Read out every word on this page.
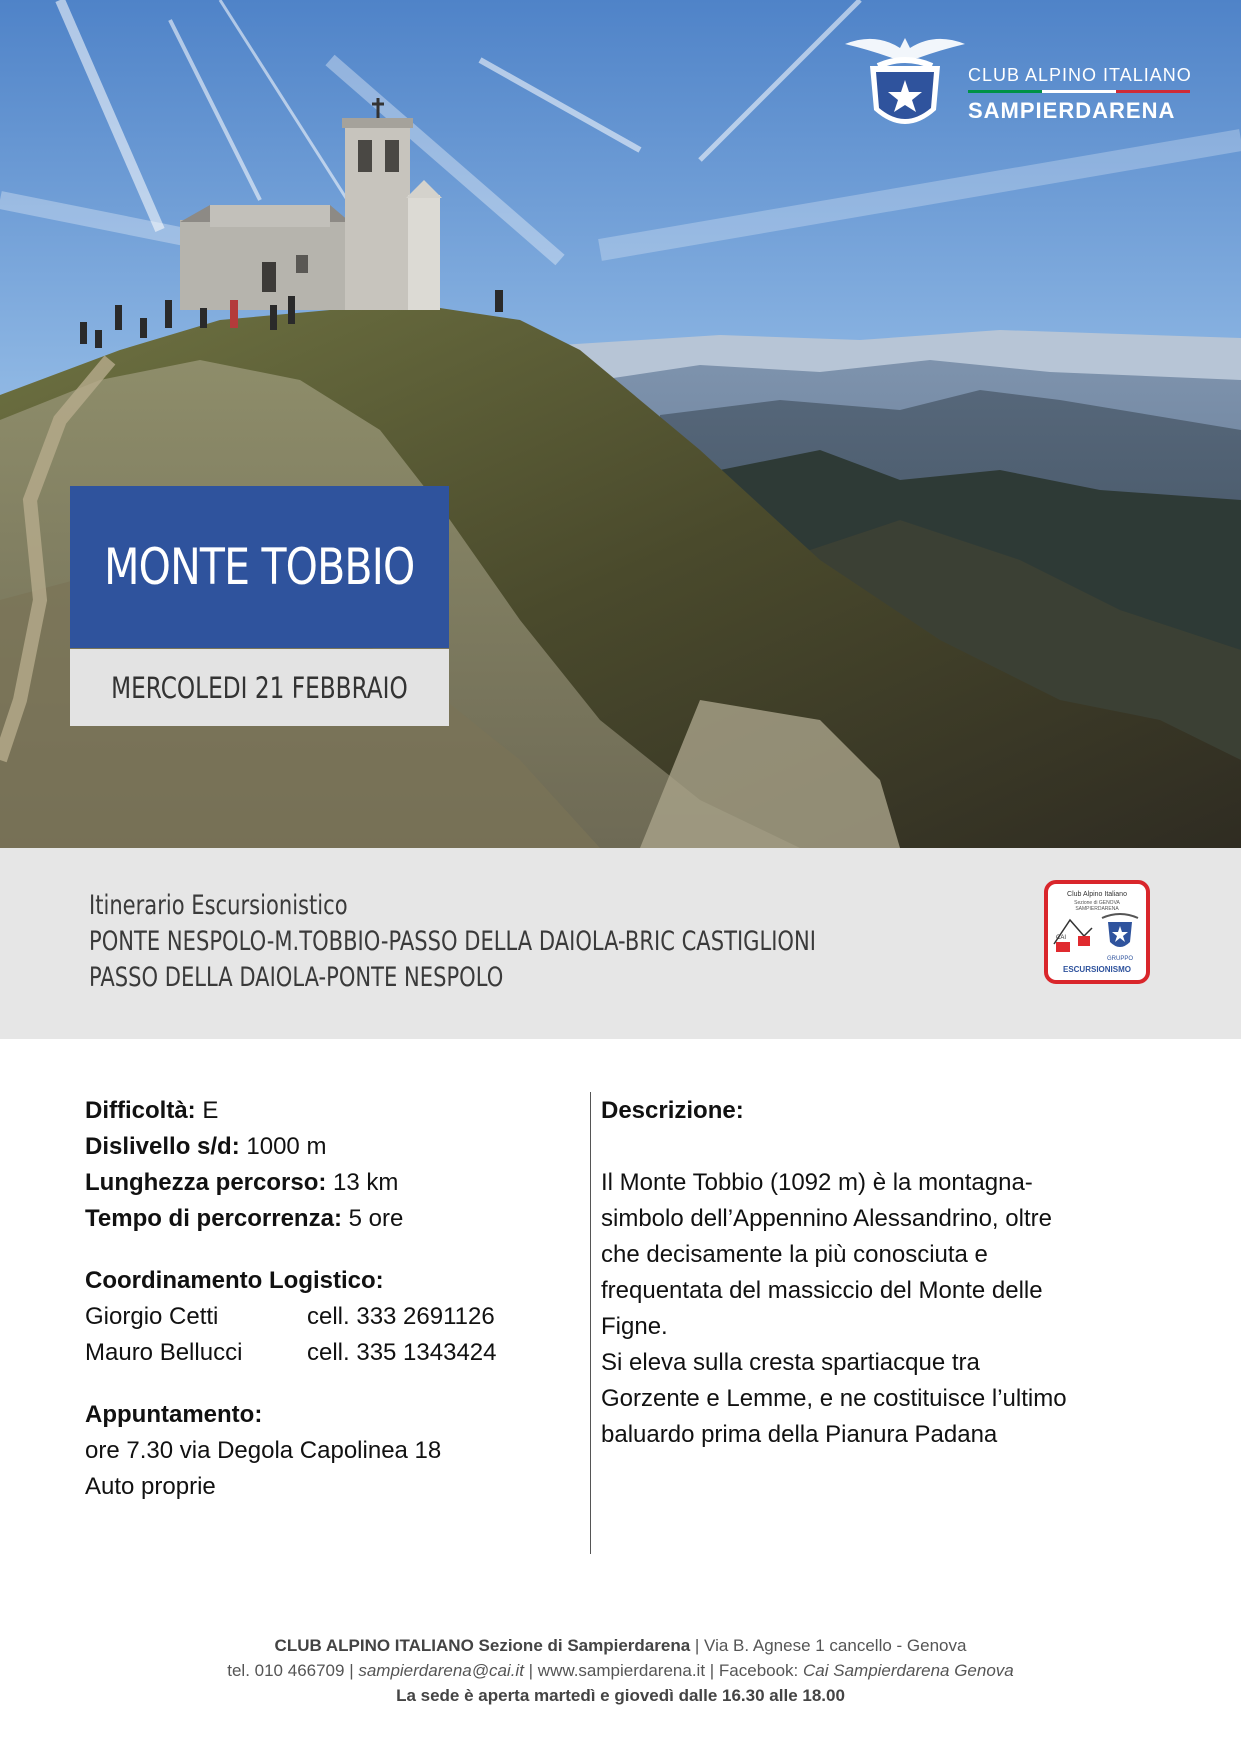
CLUB ALPINO ITALIANO
SAMPIERDARENA
MONTE TOBBIO
MERCOLEDI 21 FEBBRAIO
Itinerario Escursionistico
PONTE NESPOLO-M.TOBBIO-PASSO DELLA DAIOLA-BRIC CASTIGLIONI
PASSO DELLA DAIOLA-PONTE NESPOLO
Club Alpino Italiano
Sezione di GENOVA
SAMPIERDARENA
CAI
GRUPPO
ESCURSIONISMO
Difficoltà: E
Dislivello s/d: 1000 m
Lunghezza percorso: 13 km
Tempo di percorrenza: 5 ore
Coordinamento Logistico:
Giorgio Cetti	cell. 333 2691126
Mauro Bellucci	cell. 335 1343424
Appuntamento:
ore 7.30 via Degola Capolinea 18
Auto proprie
Descrizione:
Il Monte Tobbio (1092 m) è la montagna-
simbolo dell’Appennino Alessandrino, oltre
che decisamente la più conosciuta e
frequentata del massiccio del Monte delle
Figne.
Si eleva sulla cresta spartiacque tra
Gorzente e Lemme, e ne costituisce l’ultimo
baluardo prima della Pianura Padana
CLUB ALPINO ITALIANO Sezione di Sampierdarena | Via B. Agnese 1 cancello - Genova
tel. 010 466709 | sampierdarena@cai.it | www.sampierdarena.it | Facebook: Cai Sampierdarena Genova
La sede è aperta martedì e giovedì dalle 16.30 alle 18.00
